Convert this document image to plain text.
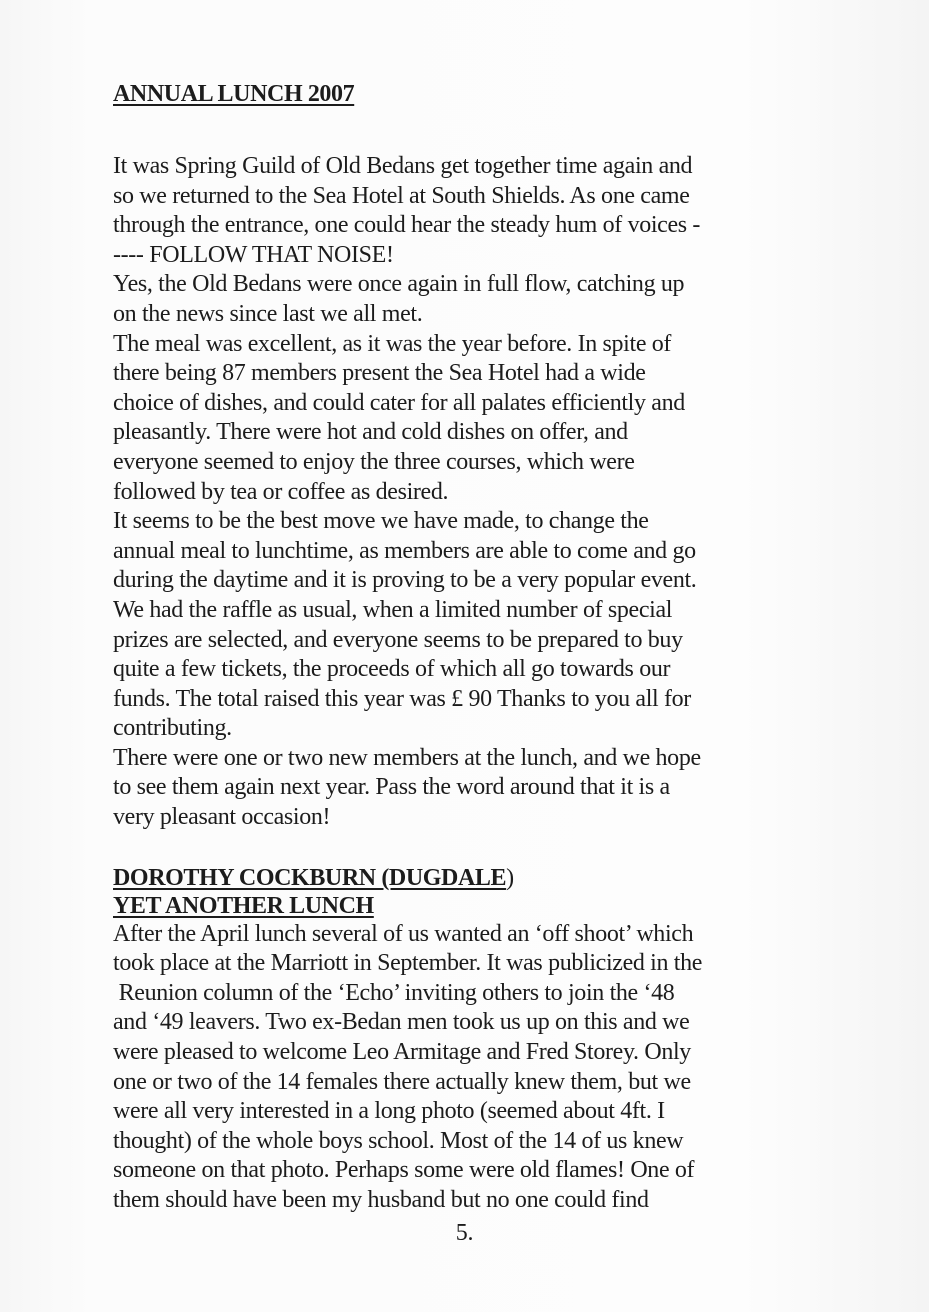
ANNUAL LUNCH 2007

It was Spring Guild of Old Bedans get together time again and

so we returned to the Sea Hotel at South Shields. As one came

through the entrance, one could hear the steady hum of voices -

---- FOLLOW THAT NOISE!

Yes, the Old Bedans were once again in full flow, catching up

on the news since last we all met.

The meal was excellent, as it was the year before. In spite of

there being 87 members present the Sea Hotel had a wide

choice of dishes, and could cater for all palates efficiently and

pleasantly. There were hot and cold dishes on offer, and

everyone seemed to enjoy the three courses, which were

followed by tea or coffee as desired.

It seems to be the best move we have made, to change the

annual meal to lunchtime, as members are able to come and go

during the daytime and it is proving to be a very popular event.

We had the raffle as usual, when a limited number of special

prizes are selected, and everyone seems to be prepared to buy

quite a few tickets, the proceeds of which all go towards our

funds. The total raised this year was £ 90 Thanks to you all for

contributing.

There were one or two new members at the lunch, and we hope

to see them again next year. Pass the word around that it is a

very pleasant occasion!

DOROTHY COCKBURN (DUGDALE)
YET ANOTHER LUNCH

After the April lunch several of us wanted an ‘off shoot’ which

took place at the Marriott in September. It was publicized in the

Reunion column of the ‘Echo’ inviting others to join the ‘48

and ‘49 leavers. Two ex-Bedan men took us up on this and we

were pleased to welcome Leo Armitage and Fred Storey. Only

one or two of the 14 females there actually knew them, but we

were all very interested in a long photo (seemed about 4ft. I

thought) of the whole boys school. Most of the 14 of us knew

someone on that photo. Perhaps some were old flames! One of

them should have been my husband but no one could find

5.
